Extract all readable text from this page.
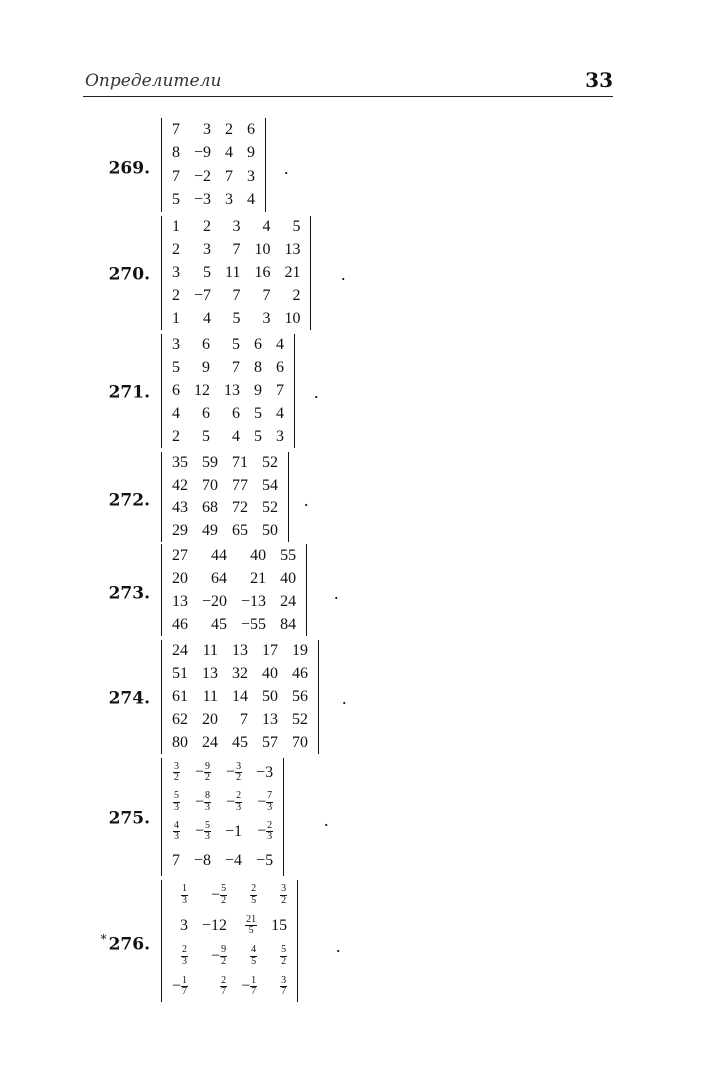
Определители	33
269.
7	3	2	6
8	−9	4	9
7	−2	7	3
5	−3	3	4
.
270.
1	2	3	4	5
2	3	7	10	13
3	5	11	16	21
2	−7	7	7	2
1	4	5	3	10
.
271.
3	6	5	6	4
5	9	7	8	6
6	12	13	9	7
4	6	6	5	4
2	5	4	5	3
.
272.
35	59	71	52
42	70	77	54
43	68	72	52
29	49	65	50
.
273.
27	44	40	55
20	64	21	40
13	−20	−13	24
46	45	−55	84
.
274.
24	11	13	17	19
51	13	32	40	46
61	11	14	50	56
62	20	7	13	52
80	24	45	57	70
.
275.
$\frac{3}{2}$	− $\frac{9}{2}$	− $\frac{3}{2}$	−3

$\frac{5}{3}$	− $\frac{8}{3}$	− $\frac{2}{3}$	− $\frac{7}{3}$

$\frac{4}{3}$	− $\frac{5}{3}$	−1	− $\frac{2}{3}$

7	−8	−4	−5
.
* 276.
$\frac{1}{3}$	− $\frac{5}{2}$	$\frac{2}{5}$	$\frac{3}{2}$

3	−12	$\frac{21}{5}$	15

$\frac{2}{3}$	− $\frac{9}{2}$	$\frac{4}{5}$	$\frac{5}{2}$

− $\frac{1}{7}$	$\frac{2}{7}$	− $\frac{1}{7}$	$\frac{3}{7}$
.
